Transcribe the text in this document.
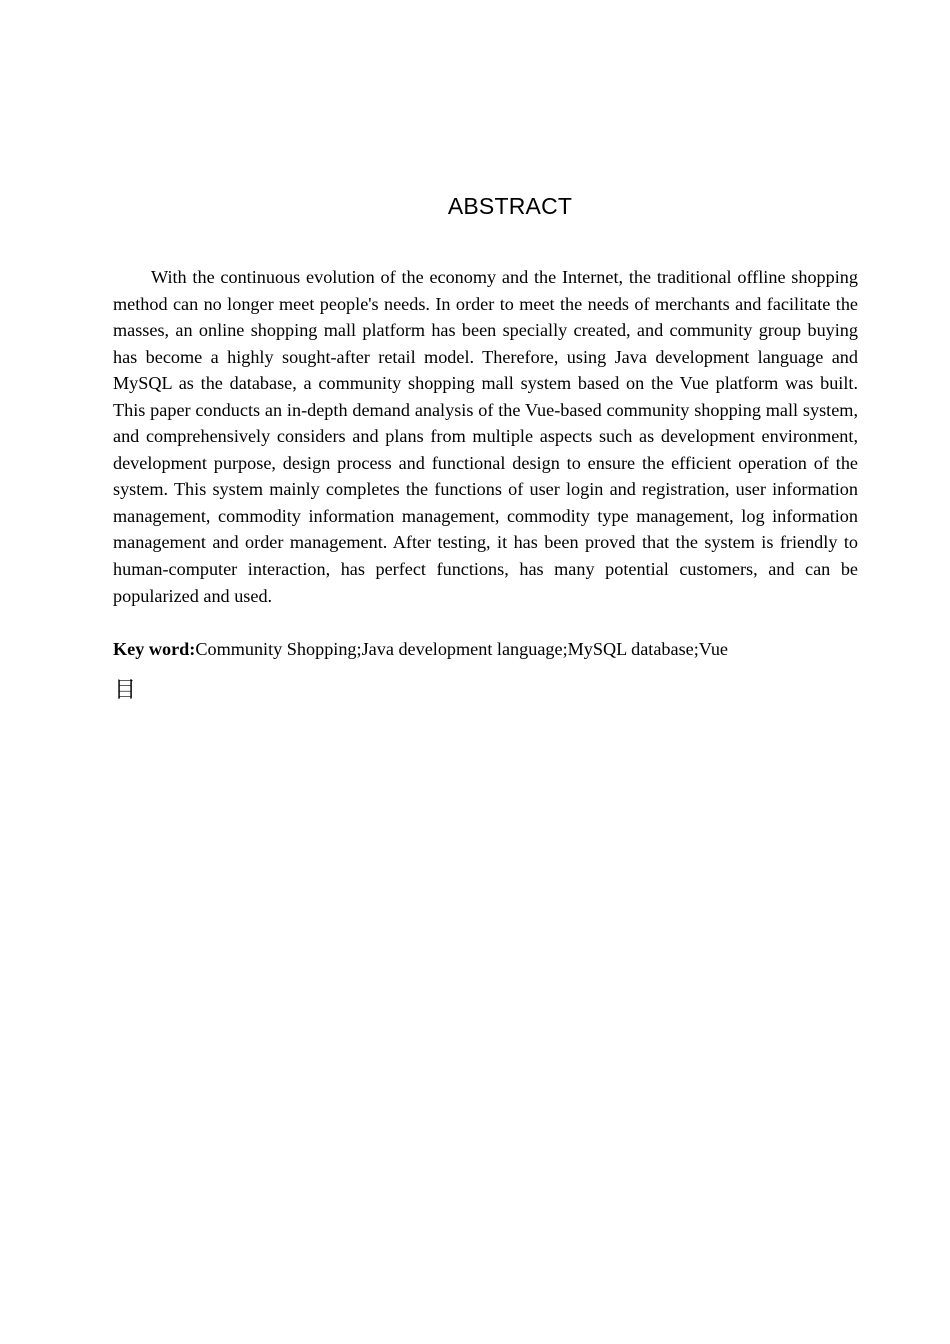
ABSTRACT

With the continuous evolution of the economy and the Internet, the traditional offline shopping method can no longer meet people's needs. In order to meet the needs of merchants and facilitate the masses, an online shopping mall platform has been specially created, and community group buying has become a highly sought-after retail model. Therefore, using Java development language and MySQL as the database, a community shopping mall system based on the Vue platform was built. This paper conducts an in-depth demand analysis of the Vue-based community shopping mall system, and comprehensively considers and plans from multiple aspects such as development environment, development purpose, design process and functional design to ensure the efficient operation of the system. This system mainly completes the functions of user login and registration, user information management, commodity information management, commodity type management, log information management and order management. After testing, it has been proved that the system is friendly to human-computer interaction, has perfect functions, has many potential customers, and can be popularized and used.

Key word:Community Shopping;Java development language;MySQL database;Vue

目
